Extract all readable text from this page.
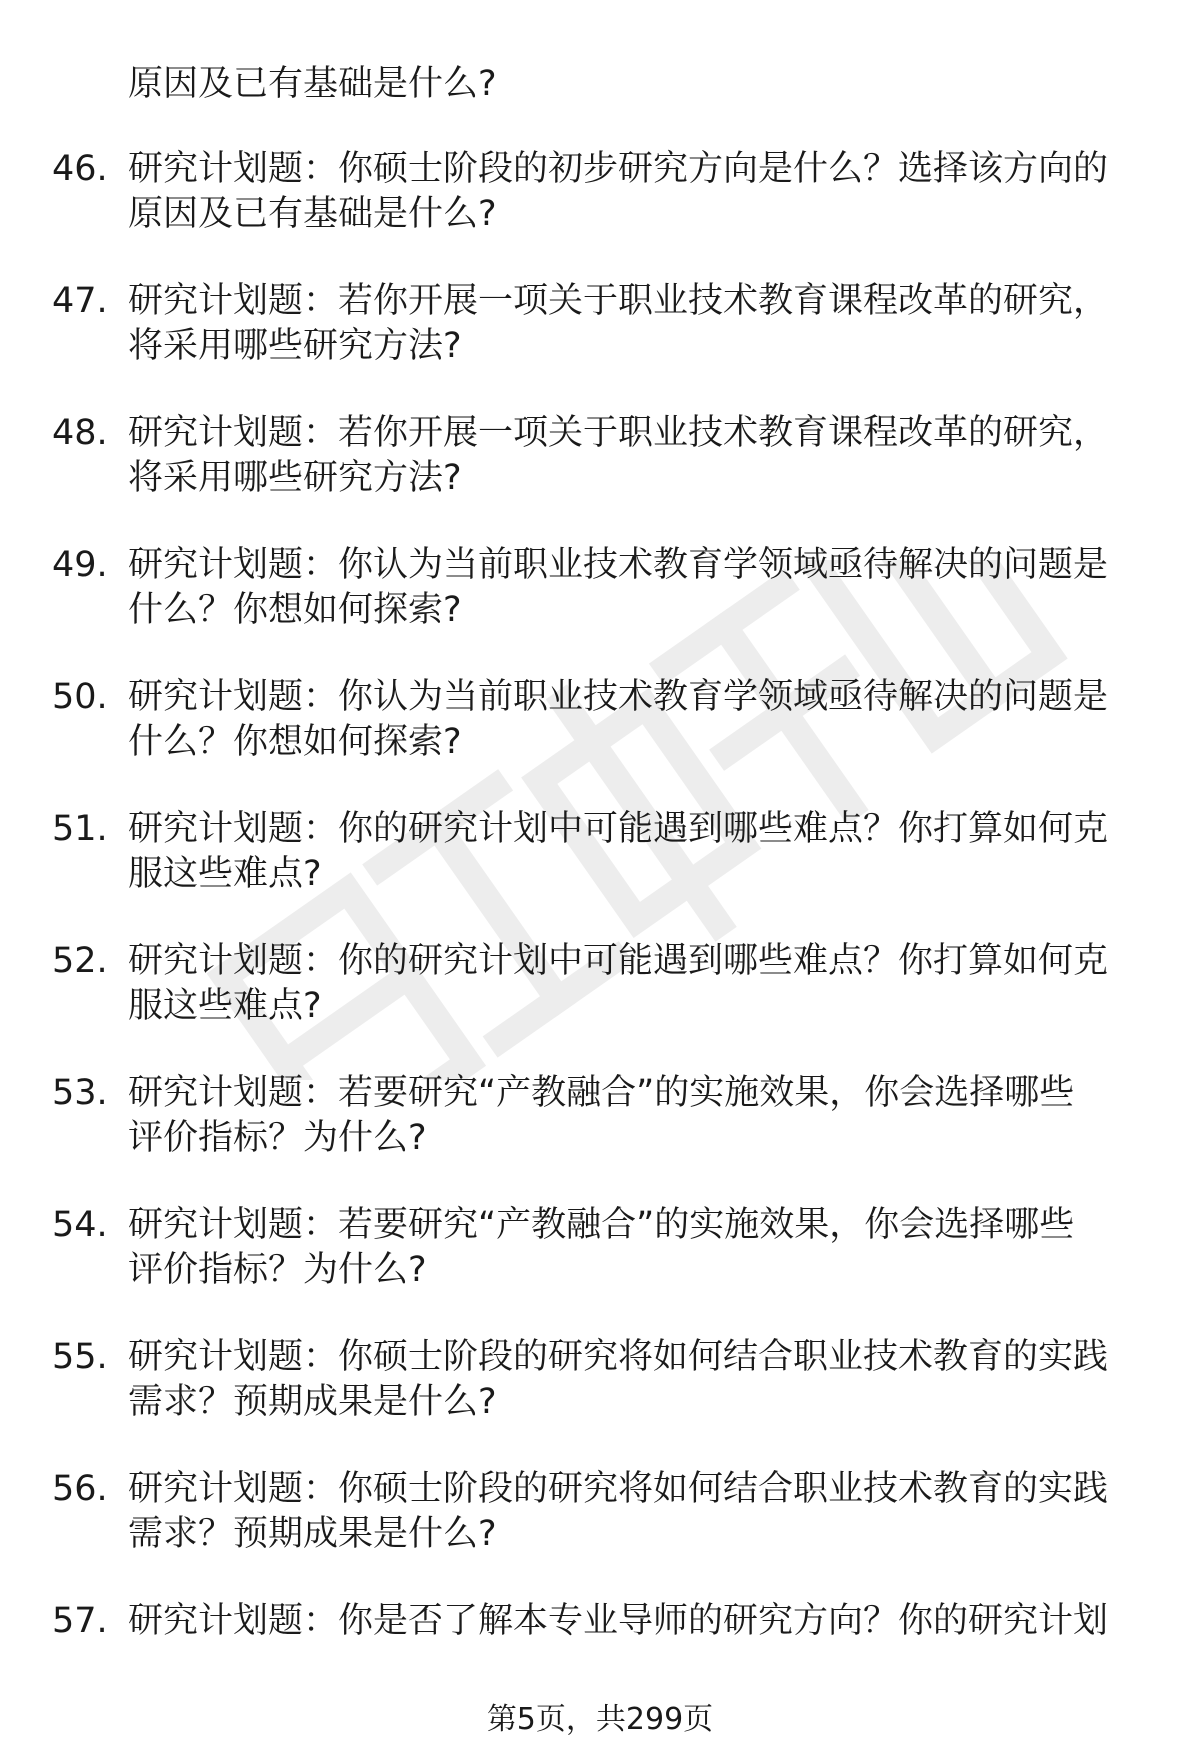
原因及已有基础是什么?
46. 研究计划题：你硕士阶段的初步研究方向是什么？选择该方向的
原因及已有基础是什么?
47. 研究计划题：若你开展一项关于职业技术教育课程改革的研究，
将采用哪些研究方法?
48. 研究计划题：若你开展一项关于职业技术教育课程改革的研究，
将采用哪些研究方法?
49. 研究计划题：你认为当前职业技术教育学领域亟待解决的问题是
什么？你想如何探索?
50. 研究计划题：你认为当前职业技术教育学领域亟待解决的问题是
什么？你想如何探索?
51. 研究计划题：你的研究计划中可能遇到哪些难点？你打算如何克
服这些难点?
52. 研究计划题：你的研究计划中可能遇到哪些难点？你打算如何克
服这些难点?
53. 研究计划题：若要研究“产教融合”的实施效果，你会选择哪些
评价指标？为什么?
54. 研究计划题：若要研究“产教融合”的实施效果，你会选择哪些
评价指标？为什么?
55. 研究计划题：你硕士阶段的研究将如何结合职业技术教育的实践
需求？预期成果是什么?
56. 研究计划题：你硕士阶段的研究将如何结合职业技术教育的实践
需求？预期成果是什么?
57. 研究计划题：你是否了解本专业导师的研究方向？你的研究计划
第5页，共299页
